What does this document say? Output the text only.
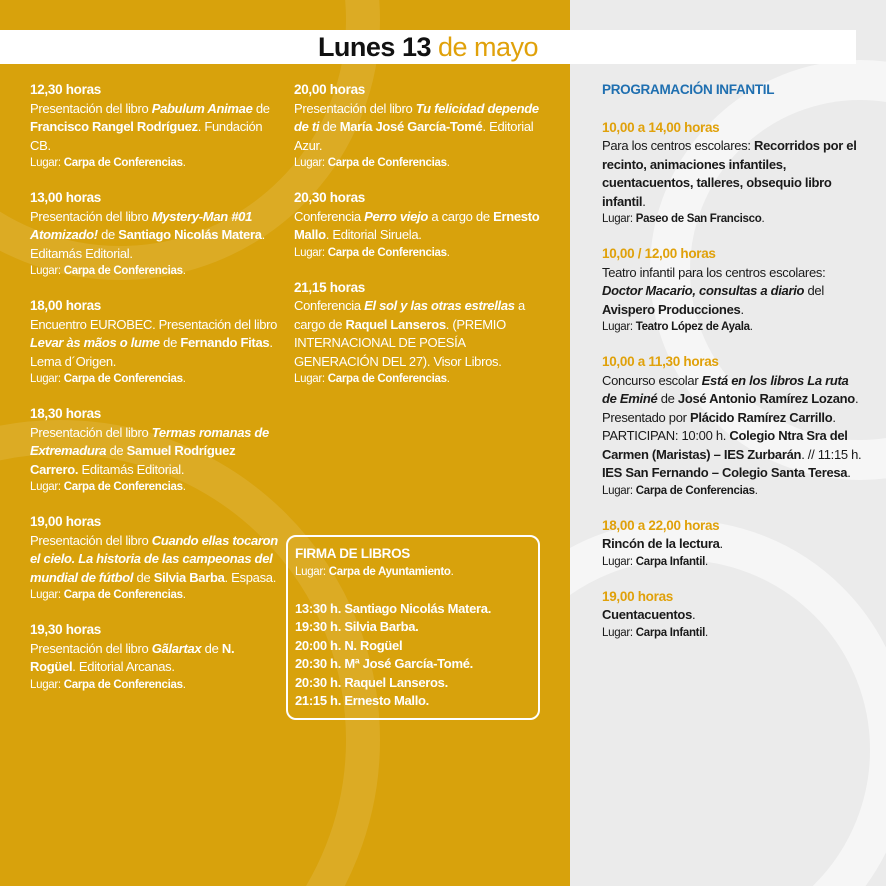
Lunes 13 de mayo
12,30 horas
Presentación del libro Pabulum Animae de Francisco Rangel Rodríguez. Fundación CB.
Lugar: Carpa de Conferencias.
13,00 horas
Presentación del libro Mystery-Man #01 Atomizado! de Santiago Nicolás Matera. Editamás Editorial.
Lugar: Carpa de Conferencias.
18,00 horas
Encuentro EUROBEC. Presentación del libro Levar às mãos o lume de Fernando Fitas. Lema d´Origen.
Lugar: Carpa de Conferencias.
18,30 horas
Presentación del libro Termas romanas de Extremadura de Samuel Rodríguez Carrero. Editamás Editorial.
Lugar: Carpa de Conferencias.
19,00 horas
Presentación del libro Cuando ellas tocaron el cielo. La historia de las campeonas del mundial de fútbol de Silvia Barba. Espasa.
Lugar: Carpa de Conferencias.
19,30 horas
Presentación del libro Gãlartax de N. Rogüel. Editorial Arcanas.
Lugar: Carpa de Conferencias.
20,00 horas
Presentación del libro Tu felicidad depende de ti de María José García-Tomé. Editorial Azur.
Lugar: Carpa de Conferencias.
20,30 horas
Conferencia Perro viejo a cargo de Ernesto Mallo. Editorial Siruela.
Lugar: Carpa de Conferencias.
21,15 horas
Conferencia El sol y las otras estrellas a cargo de Raquel Lanseros. (PREMIO INTERNACIONAL DE POESÍA GENERACIÓN DEL 27). Visor Libros.
Lugar: Carpa de Conferencias.
FIRMA DE LIBROS
Lugar: Carpa de Ayuntamiento.
13:30 h. Santiago Nicolás Matera.
19:30 h. Silvia Barba.
20:00 h. N. Rogüel
20:30 h. Mª José García-Tomé.
20:30 h. Raquel Lanseros.
21:15 h. Ernesto Mallo.
PROGRAMACIÓN INFANTIL
10,00 a 14,00 horas
Para los centros escolares: Recorridos por el recinto, animaciones infantiles, cuentacuentos, talleres, obsequio libro infantil.
Lugar: Paseo de San Francisco.
10,00 / 12,00 horas
Teatro infantil para los centros escolares: Doctor Macario, consultas a diario del Avispero Producciones.
Lugar: Teatro López de Ayala.
10,00 a 11,30 horas
Concurso escolar Está en los libros La ruta de Eminé de José Antonio Ramírez Lozano. Presentado por Plácido Ramírez Carrillo. PARTICIPAN: 10:00 h. Colegio Ntra Sra del Carmen (Maristas) – IES Zurbarán. // 11:15 h. IES San Fernando – Colegio Santa Teresa.
Lugar: Carpa de Conferencias.
18,00 a 22,00 horas
Rincón de la lectura.
Lugar: Carpa Infantil.
19,00 horas
Cuentacuentos.
Lugar: Carpa Infantil.
